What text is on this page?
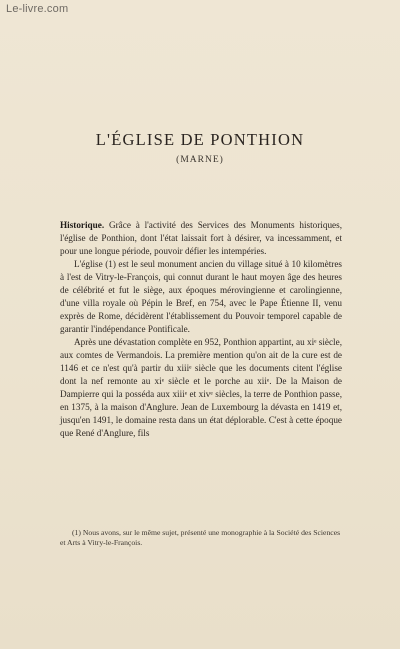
Le-livre.com
L'ÉGLISE DE PONTHION
(MARNE)

Historique. Grâce à l'activité des Services des Monuments historiques, l'église de Ponthion, dont l'état laissait fort à désirer, va incessamment, et pour une longue période, pouvoir défier les intempéries.

L'église (1) est le seul monument ancien du village situé à 10 kilomètres à l'est de Vitry-le-François, qui connut durant le haut moyen âge des heures de célébrité et fut le siège, aux époques mérovingienne et carolingienne, d'une villa royale où Pépin le Bref, en 754, avec le Pape Étienne II, venu exprès de Rome, décidèrent l'établissement du Pouvoir temporel capable de garantir l'indépendance Pontificale.

Après une dévastation complète en 952, Ponthion appartint, au xiᵉ siècle, aux comtes de Vermandois. La première mention qu'on ait de la cure est de 1146 et ce n'est qu'à partir du xiiiᵉ siècle que les documents citent l'église dont la nef remonte au xiᵉ siècle et le porche au xiiᵉ. De la Maison de Dampierre qui la posséda aux xiiiᵉ et xivᵉ siècles, la terre de Ponthion passe, en 1375, à la maison d'Anglure. Jean de Luxembourg la dévasta en 1419 et, jusqu'en 1491, le domaine resta dans un état déplorable. C'est à cette époque que René d'Anglure, fils

(1) Nous avons, sur le même sujet, présenté une monographie à la Société des Sciences et Arts à Vitry-le-François.
